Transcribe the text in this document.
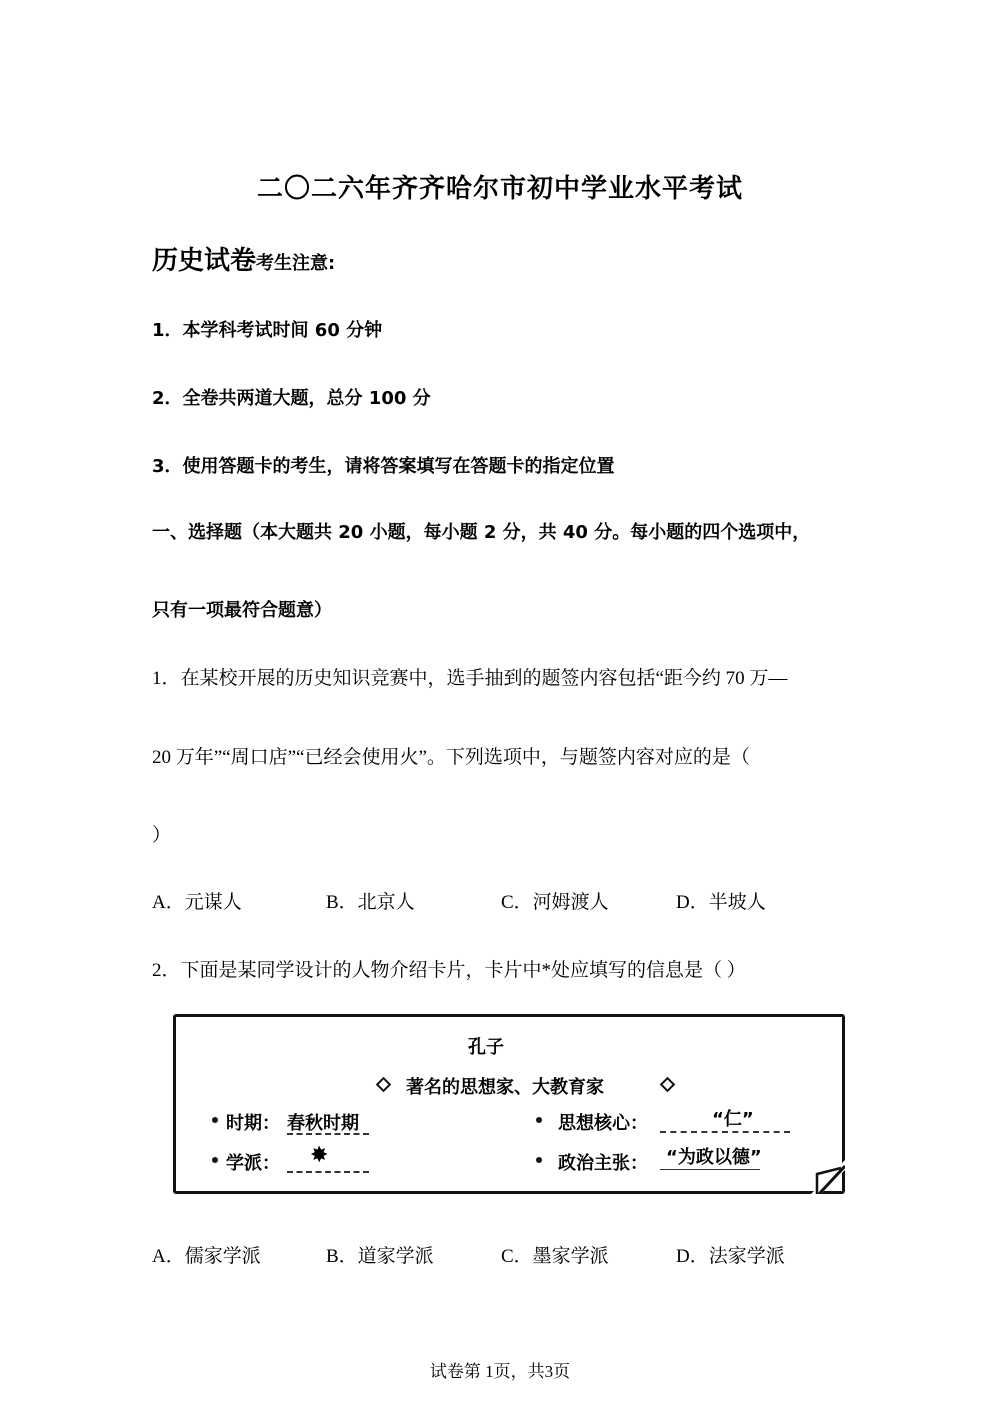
二〇二六年齐齐哈尔市初中学业水平考试
历史试卷考生注意:
1．本学科考试时间 60 分钟
2．全卷共两道大题，总分 100 分
3．使用答题卡的考生，请将答案填写在答题卡的指定位置
一、选择题（本大题共 20 小题，每小题 2 分，共 40 分。每小题的四个选项中，
只有一项最符合题意）
1．在某校开展的历史知识竞赛中，选手抽到的题签内容包括“距今约 70 万—
20 万年”“周口店”“已经会使用火”。下列选项中，与题签内容对应的是（
）
A．元谋人	B．北京人	C．河姆渡人	D．半坡人
2．下面是某同学设计的人物介绍卡片，卡片中*处应填写的信息是（ ）
孔子
著名的思想家、大教育家
时期： 春秋时期	思想核心：	“仁”
学派： ✸	政治主张： “为政以德”
A．儒家学派	B．道家学派	C．墨家学派	D．法家学派
试卷第 1页，共3页
